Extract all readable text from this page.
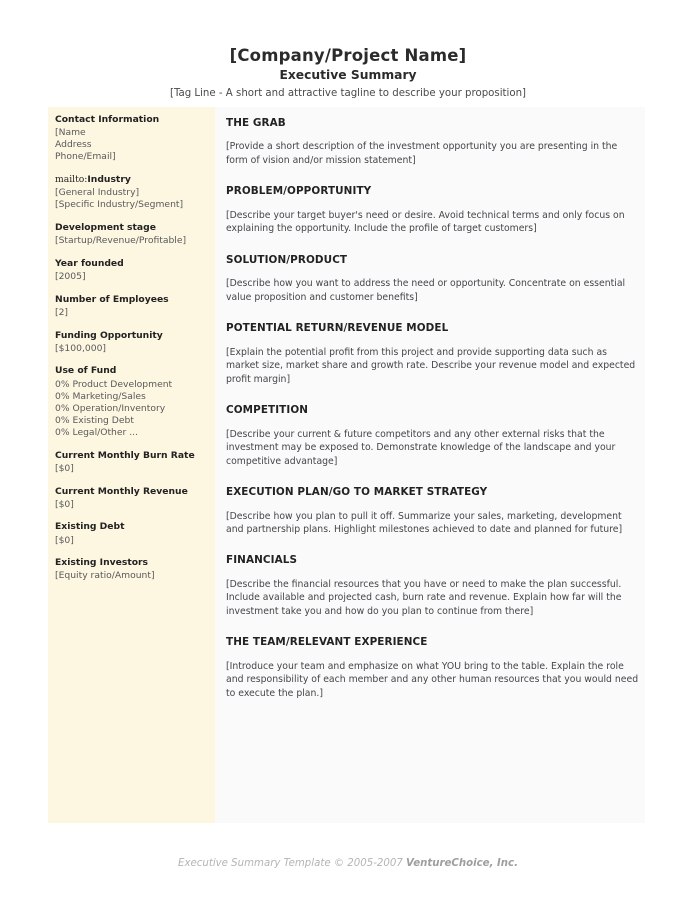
[Company/Project Name]
Executive Summary
[Tag Line - A short and attractive tagline to describe your proposition]
Contact Information
[Name
Address
Phone/Email]
mailto:Industry
[General Industry]
[Specific Industry/Segment]
Development stage
[Startup/Revenue/Profitable]
Year founded
[2005]
Number of Employees
[2]
Funding Opportunity
[$100,000]
Use of Fund
0% Product Development
0% Marketing/Sales
0% Operation/Inventory
0% Existing Debt
0% Legal/Other ...
Current Monthly Burn Rate
[$0]
Current Monthly Revenue
[$0]
Existing Debt
[$0]
Existing Investors
[Equity ratio/Amount]
THE GRAB

[Provide a short description of the investment opportunity you are presenting in the form of vision and/or mission statement]

PROBLEM/OPPORTUNITY

[Describe your target buyer's need or desire. Avoid technical terms and only focus on explaining the opportunity. Include the profile of target customers]

SOLUTION/PRODUCT

[Describe how you want to address the need or opportunity. Concentrate on essential value proposition and customer benefits]

POTENTIAL RETURN/REVENUE MODEL

[Explain the potential profit from this project and provide supporting data such as market size, market share and growth rate. Describe your revenue model and expected profit margin]

COMPETITION

[Describe your current & future competitors and any other external risks that the investment may be exposed to. Demonstrate knowledge of the landscape and your competitive advantage]

EXECUTION PLAN/GO TO MARKET STRATEGY

[Describe how you plan to pull it off. Summarize your sales, marketing, development and partnership plans. Highlight milestones achieved to date and planned for future]

FINANCIALS

[Describe the financial resources that you have or need to make the plan successful. Include available and projected cash, burn rate and revenue. Explain how far will the investment take you and how do you plan to continue from there]

THE TEAM/RELEVANT EXPERIENCE

[Introduce your team and emphasize on what YOU bring to the table. Explain the role and responsibility of each member and any other human resources that you would need to execute the plan.]

Executive Summary Template © 2005-2007 VentureChoice, Inc.
